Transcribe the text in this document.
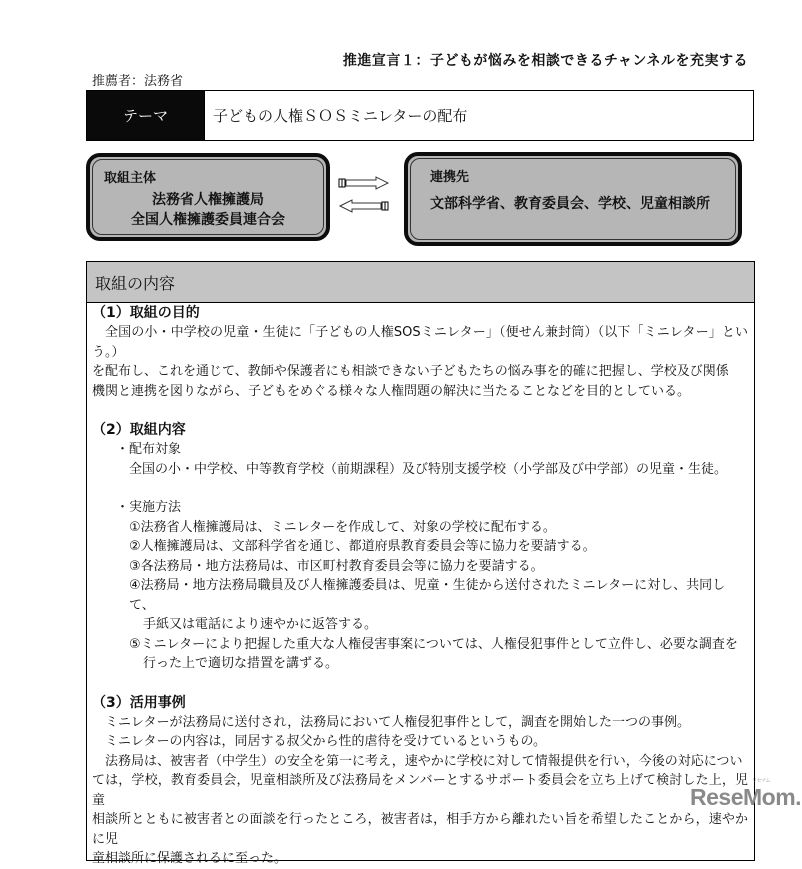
推進宣言１：子どもが悩みを相談できるチャンネルを充実する
推薦者：法務省
テーマ	子どもの人権ＳＯＳミニレターの配布
取組主体
法務省人権擁護局
全国人権擁護委員連合会
連携先
文部科学省、教育委員会、学校、児童相談所
取組の内容

（1）取組の目的

全国の小・中学校の児童・生徒に「子どもの人権SOSミニレター」（便せん兼封筒）（以下「ミニレター」という。）

を配布し、これを通じて、教師や保護者にも相談できない子どもたちの悩み事を的確に把握し、学校及び関係

機関と連携を図りながら、子どもをめぐる様々な人権問題の解決に当たることなどを目的としている。

（2）取組内容

・配布対象

全国の小・中学校、中等教育学校（前期課程）及び特別支援学校（小学部及び中学部）の児童・生徒。

・実施方法

①法務省人権擁護局は、ミニレターを作成して、対象の学校に配布する。

②人権擁護局は、文部科学省を通じ、都道府県教育委員会等に協力を要請する。

③各法務局・地方法務局は、市区町村教育委員会等に協力を要請する。

④法務局・地方法務局職員及び人権擁護委員は、児童・生徒から送付されたミニレターに対し、共同して、

手紙又は電話により速やかに返答する。

⑤ミニレターにより把握した重大な人権侵害事案については、人権侵犯事件として立件し、必要な調査を

行った上で適切な措置を講ずる。

（3）活用事例

ミニレターが法務局に送付され，法務局において人権侵犯事件として，調査を開始した一つの事例。

ミニレターの内容は，同居する叔父から性的虐待を受けているというもの。

法務局は、被害者（中学生）の安全を第一に考え，速やかに学校に対して情報提供を行い，今後の対応につい

ては，学校，教育委員会，児童相談所及び法務局をメンバーとするサポート委員会を立ち上げて検討した上，児童

相談所とともに被害者との面談を行ったところ，被害者は，相手方から離れたい旨を希望したことから，速やかに児

童相談所に保護されるに至った。

ReseMom.
リセマム
